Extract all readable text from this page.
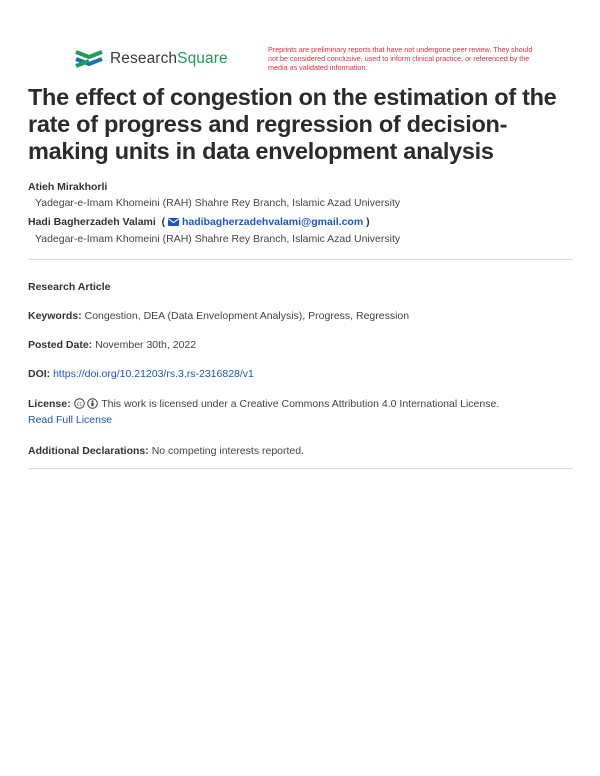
ResearchSquare
Preprints are preliminary reports that have not undergone peer review. They should not be considered conclusive, used to inform clinical practice, or referenced by the media as validated information.
The effect of congestion on the estimation of the rate of progress and regression of decision- making units in data envelopment analysis
Atieh Mirakhorli
Yadegar-e-Imam Khomeini (RAH) Shahre Rey Branch, Islamic Azad University
Hadi Bagherzadeh Valami  (  hadibagherzadehvalami@gmail.com )
Yadegar-e-Imam Khomeini (RAH) Shahre Rey Branch, Islamic Azad University
Research Article
Keywords: Congestion, DEA (Data Envelopment Analysis), Progress, Regression
Posted Date: November 30th, 2022
DOI: https://doi.org/10.21203/rs.3.rs-2316828/v1
License: cc This work is licensed under a Creative Commons Attribution 4.0 International License.
Read Full License
Additional Declarations: No competing interests reported.
